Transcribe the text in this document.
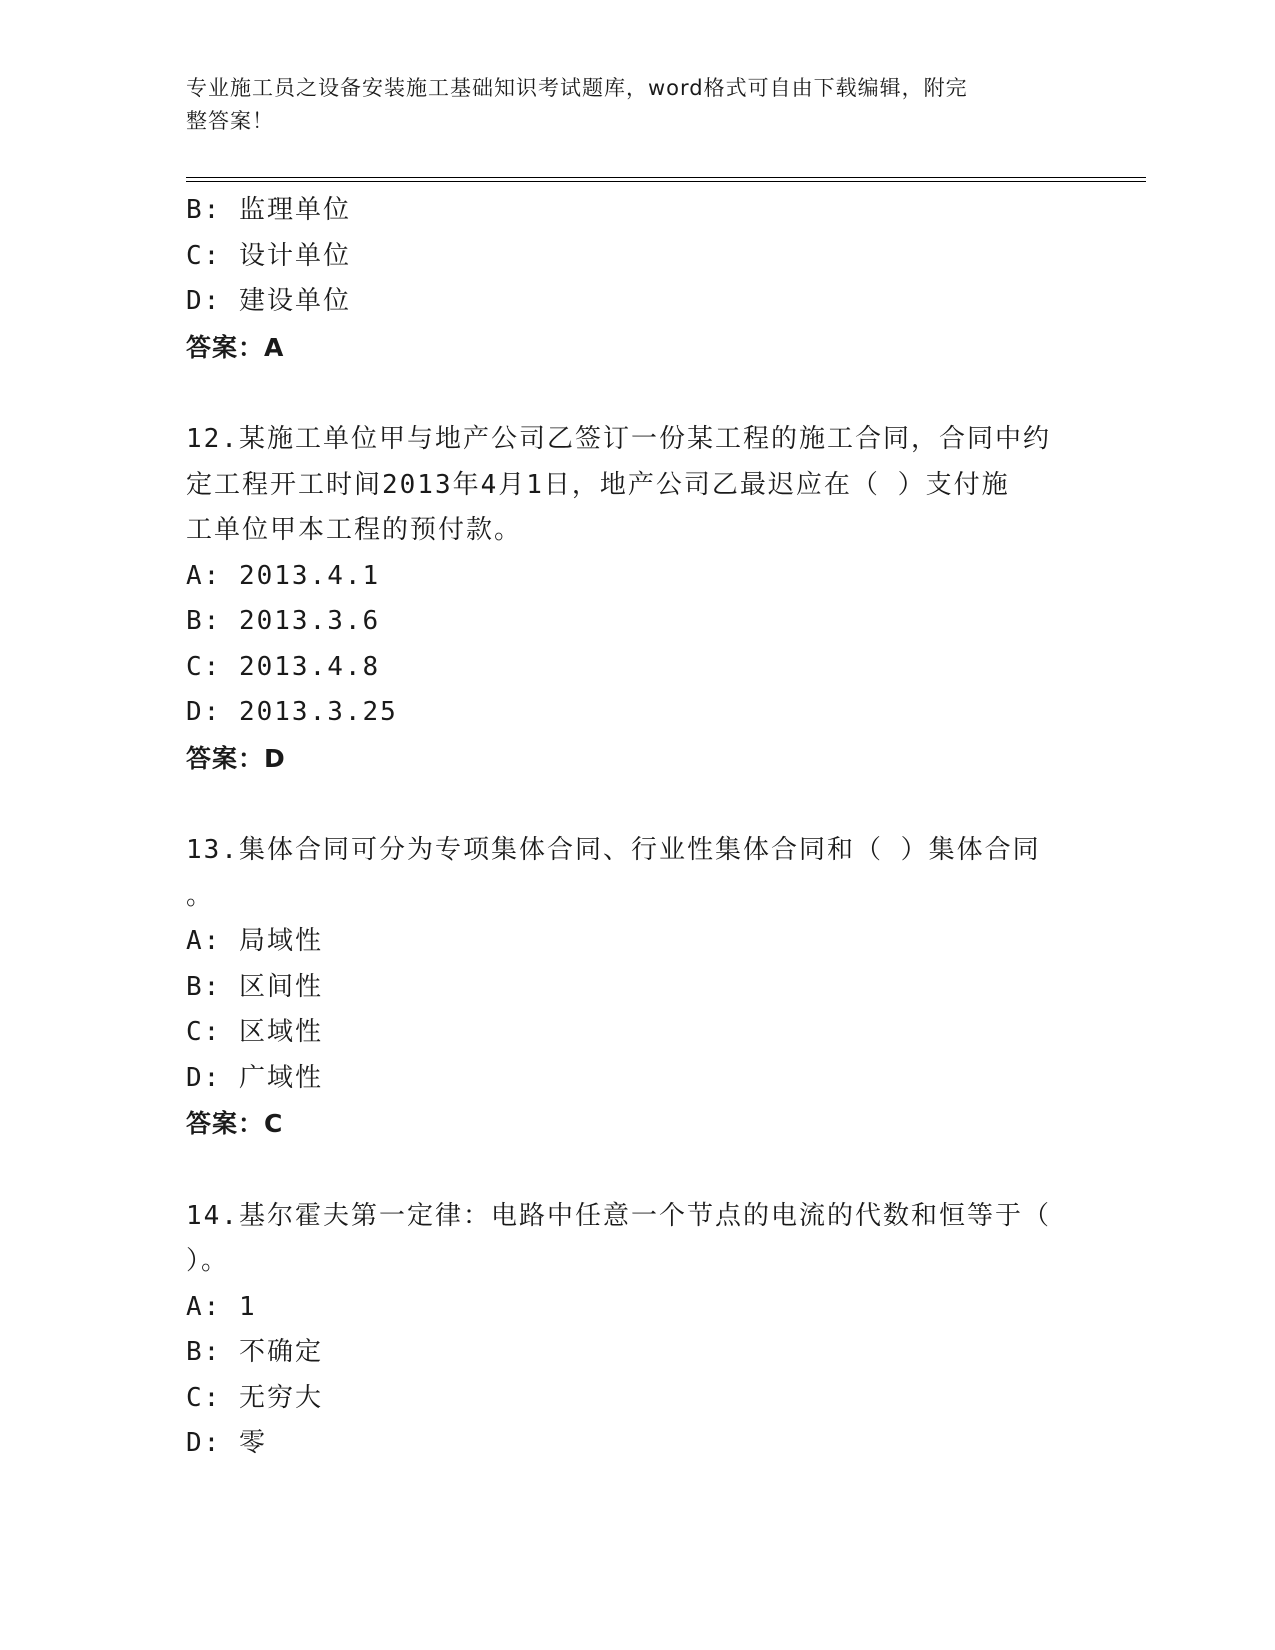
专业施工员之设备安装施工基础知识考试题库，word格式可自由下载编辑，附完
整答案！
B: 监理单位
C: 设计单位
D: 建设单位
答案：A
12.某施工单位甲与地产公司乙签订一份某工程的施工合同，合同中约
定工程开工时间2013年4月1日，地产公司乙最迟应在（ ）支付施
工单位甲本工程的预付款。
A: 2013.4.1
B: 2013.3.6
C: 2013.4.8
D: 2013.3.25
答案：D
13.集体合同可分为专项集体合同、行业性集体合同和（ ）集体合同
。
A: 局域性
B: 区间性
C: 区域性
D: 广域性
答案：C
14.基尔霍夫第一定律：电路中任意一个节点的电流的代数和恒等于（
）。
A: 1
B: 不确定
C: 无穷大
D: 零
